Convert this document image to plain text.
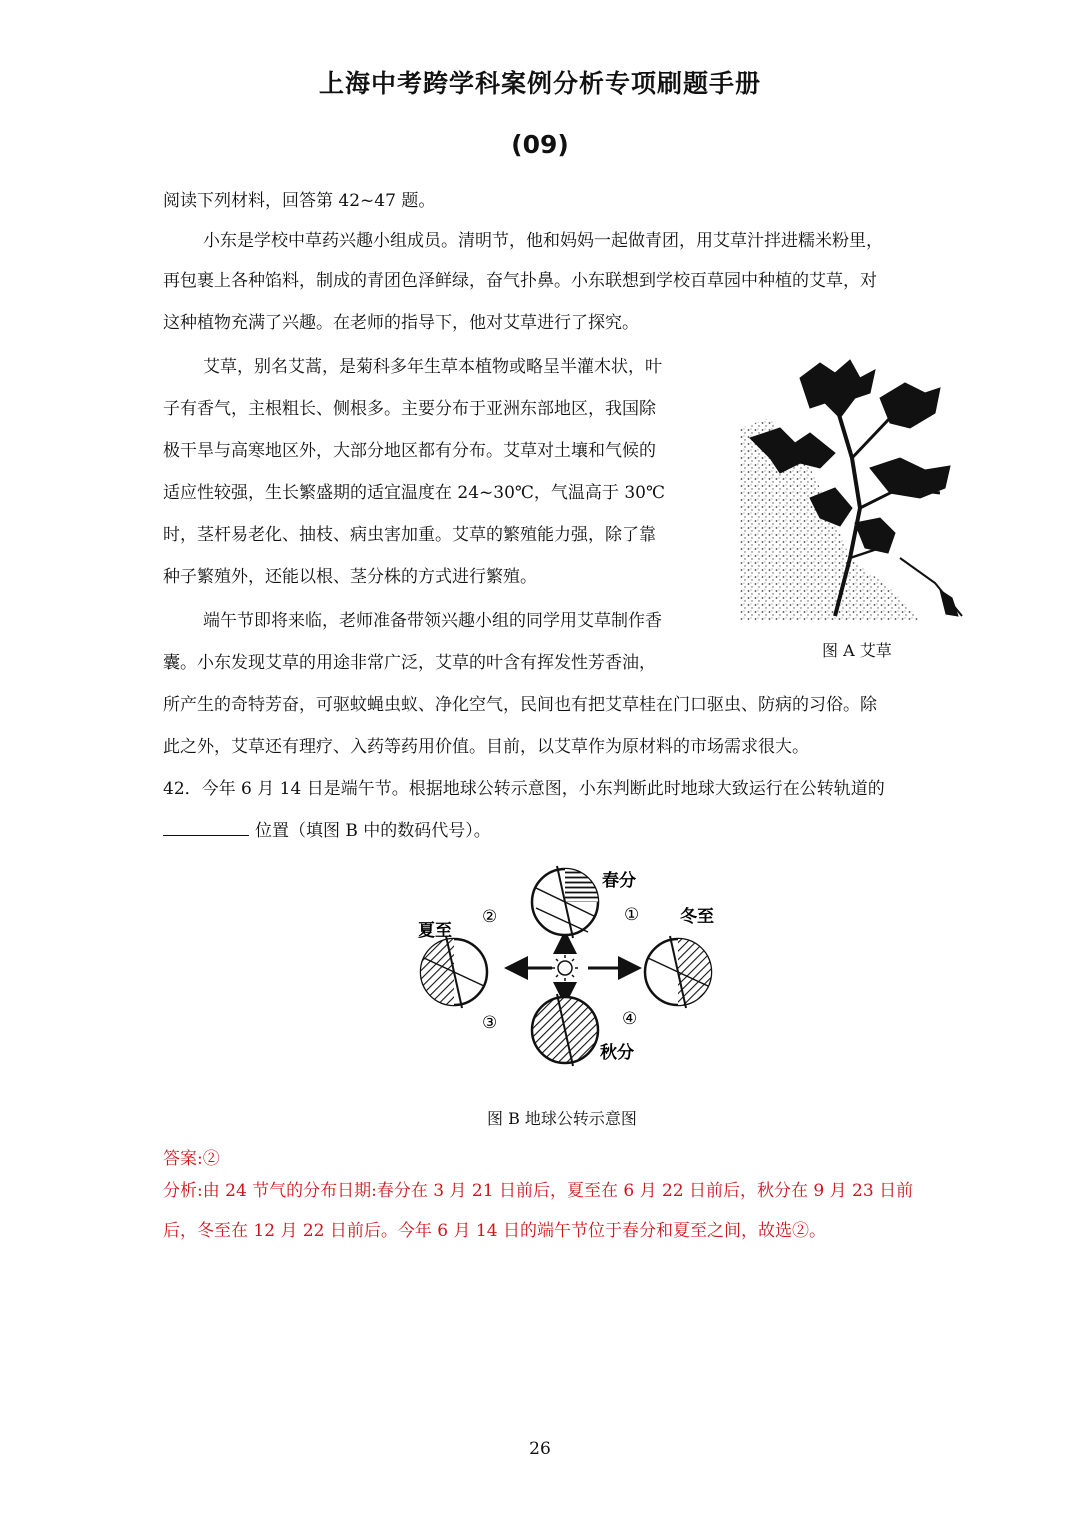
上海中考跨学科案例分析专项刷题手册
(09)
阅读下列材料，回答第 42~47 题。
小东是学校中草药兴趣小组成员。清明节，他和妈妈一起做青团，用艾草汁拌进糯米粉里，
再包裹上各种馅料，制成的青团色泽鲜绿，奋气扑鼻。小东联想到学校百草园中种植的艾草，对
这种植物充满了兴趣。在老师的指导下，他对艾草进行了探究。
艾草，别名艾蒿，是菊科多年生草本植物或略呈半灌木状，叶
子有香气，主根粗长、侧根多。主要分布于亚洲东部地区，我国除
极干旱与高寒地区外，大部分地区都有分布。艾草对土壤和气候的
适应性较强，生长繁盛期的适宜温度在 24~30℃，气温高于 30℃
时，茎杆易老化、抽枝、病虫害加重。艾草的繁殖能力强，除了靠
种子繁殖外，还能以根、茎分株的方式进行繁殖。
端午节即将来临，老师准备带领兴趣小组的同学用艾草制作香
囊。小东发现艾草的用途非常广泛，艾草的叶含有挥发性芳香油，
所产生的奇特芳奋，可驱蚊蝇虫蚁、净化空气，民间也有把艾草桂在门口驱虫、防病的习俗。除
此之外，艾草还有理疗、入药等药用价值。目前，以艾草作为原材料的市场需求很大。
图 A 艾草
42．今年 6 月 14 日是端午节。根据地球公转示意图，小东判断此时地球大致运行在公转轨道的
位置（填图 B 中的数码代号）。
春分
夏至
冬至
秋分
①
②
③	④
图 B 地球公转示意图
答案:②
分析:由 24 节气的分布日期:春分在 3 月 21 日前后，夏至在 6 月 22 日前后，秋分在 9 月 23 日前
后，冬至在 12 月 22 日前后。今年 6 月 14 日的端午节位于春分和夏至之间，故选②。
26
